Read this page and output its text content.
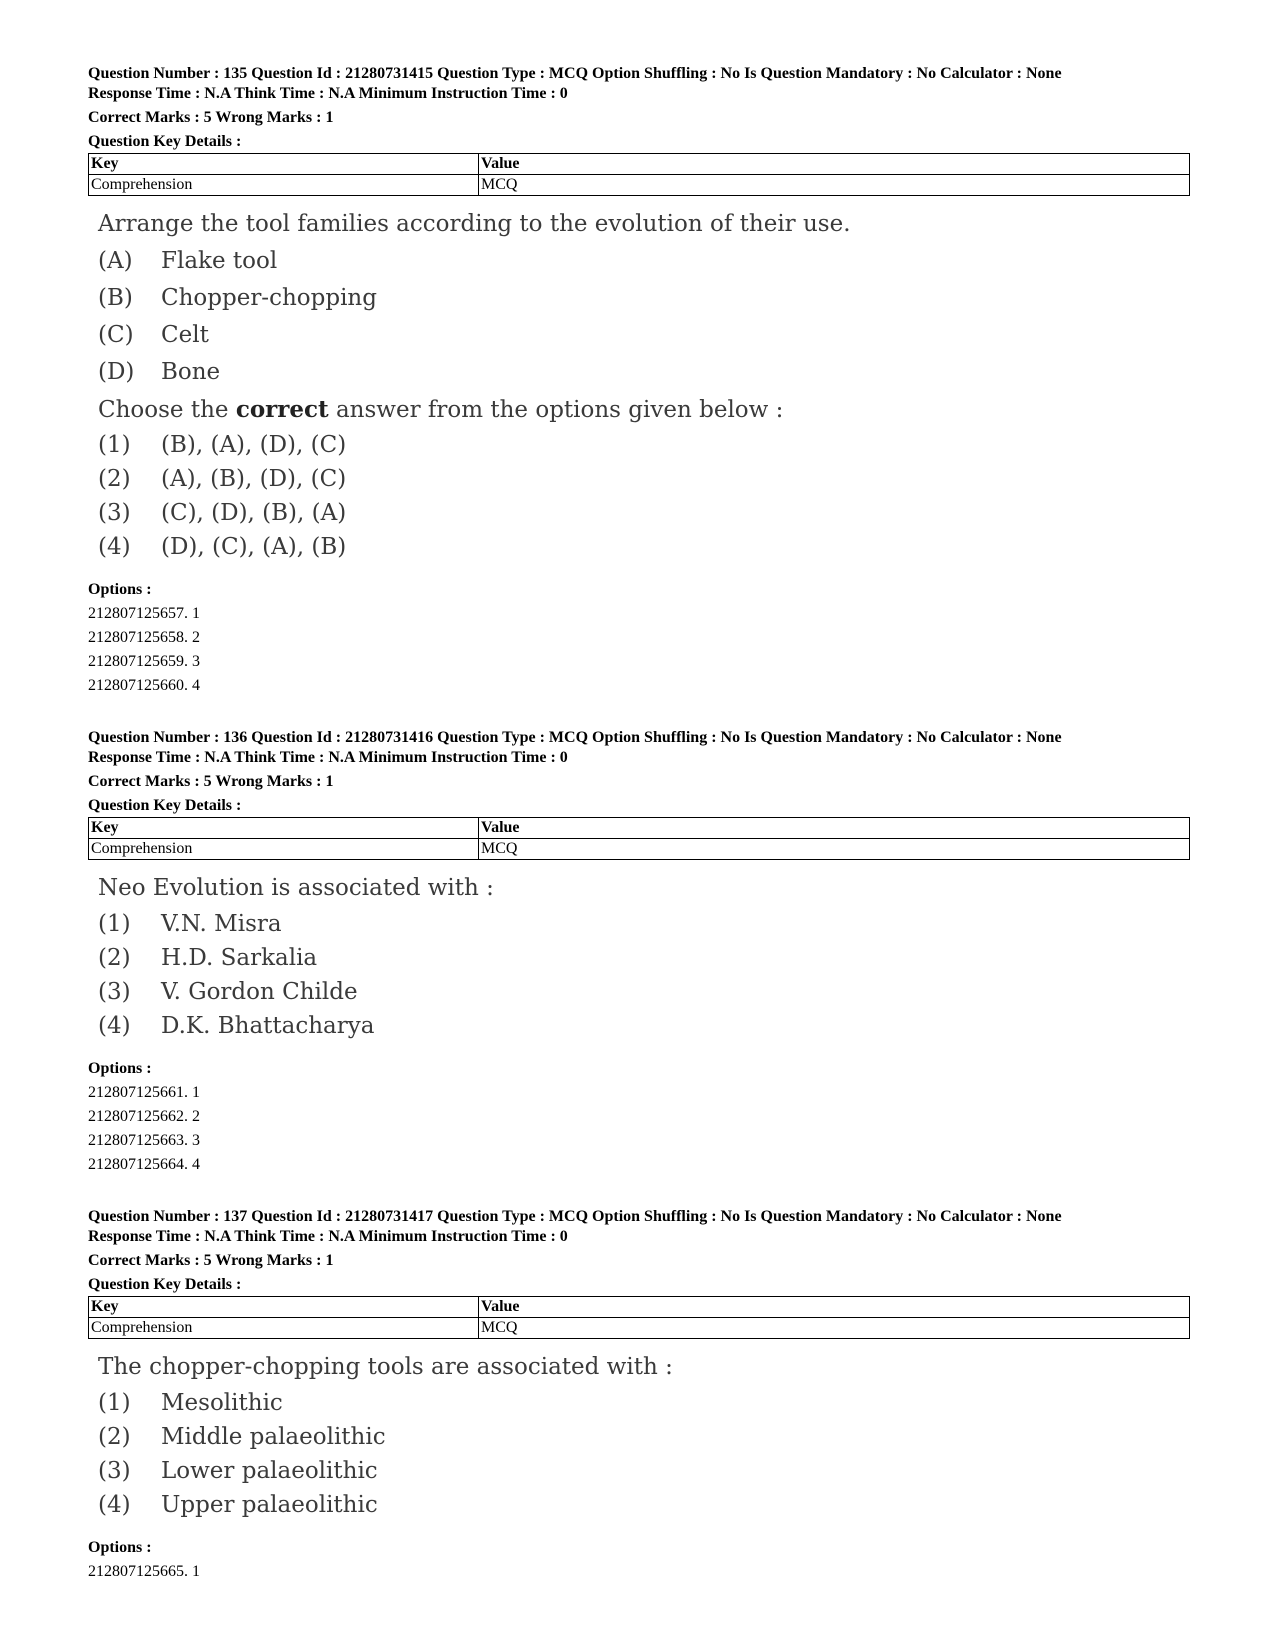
Question Number : 135 Question Id : 21280731415 Question Type : MCQ Option Shuffling : No Is Question Mandatory : No Calculator : None
Response Time : N.A Think Time : N.A Minimum Instruction Time : 0
Correct Marks : 5 Wrong Marks : 1
Question Key Details :
Key	Value
Comprehension	MCQ
Arrange the tool families according to the evolution of their use.
(A) Flake tool
(B) Chopper-chopping
(C) Celt
(D) Bone
Choose the correct answer from the options given below :
(1) (B), (A), (D), (C)
(2) (A), (B), (D), (C)
(3) (C), (D), (B), (A)
(4) (D), (C), (A), (B)
Options :
212807125657. 1
212807125658. 2
212807125659. 3
212807125660. 4
Question Number : 136 Question Id : 21280731416 Question Type : MCQ Option Shuffling : No Is Question Mandatory : No Calculator : None
Response Time : N.A Think Time : N.A Minimum Instruction Time : 0
Correct Marks : 5 Wrong Marks : 1
Question Key Details :
Key	Value
Comprehension	MCQ
Neo Evolution is associated with :
(1) V.N. Misra
(2) H.D. Sarkalia
(3) V. Gordon Childe
(4) D.K. Bhattacharya
Options :
212807125661. 1
212807125662. 2
212807125663. 3
212807125664. 4
Question Number : 137 Question Id : 21280731417 Question Type : MCQ Option Shuffling : No Is Question Mandatory : No Calculator : None
Response Time : N.A Think Time : N.A Minimum Instruction Time : 0
Correct Marks : 5 Wrong Marks : 1
Question Key Details :
Key	Value
Comprehension	MCQ
The chopper-chopping tools are associated with :
(1) Mesolithic
(2) Middle palaeolithic
(3) Lower palaeolithic
(4) Upper palaeolithic
Options :
212807125665. 1
